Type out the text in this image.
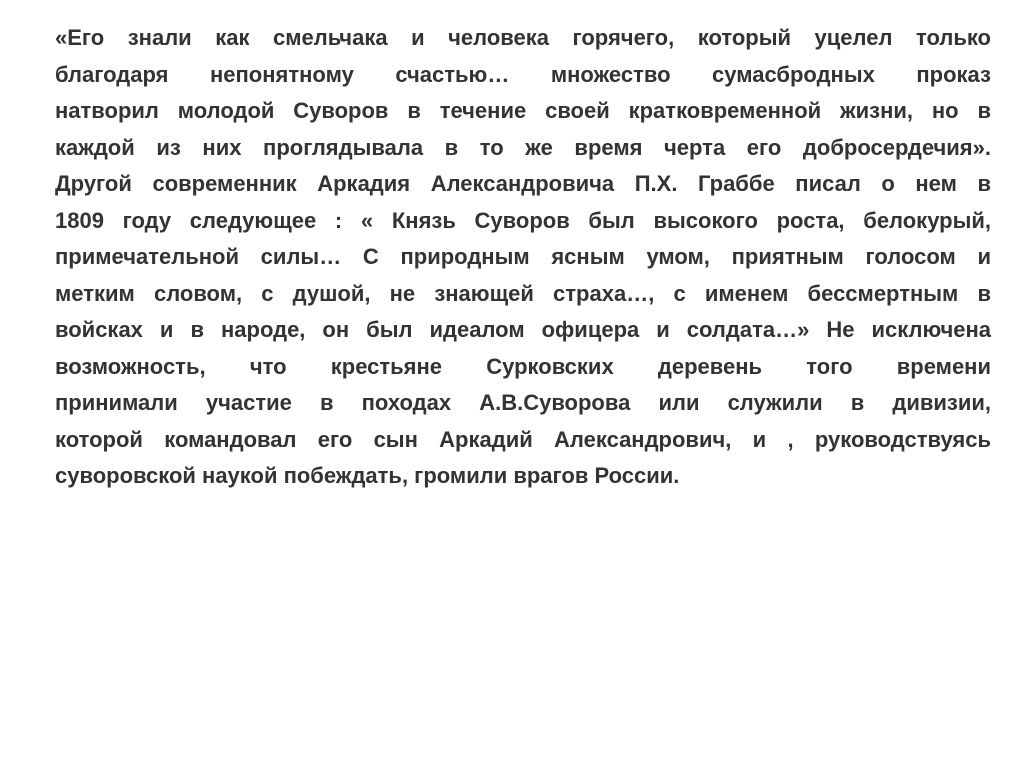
«Его знали как смельчака и человека горячего, который уцелел только
благодаря непонятному счастью… множество сумасбродных проказ
натворил молодой Суворов в течение своей кратковременной жизни, но в
каждой из них проглядывала в то же время черта его добросердечия».
Другой современник Аркадия Александровича П.Х. Граббе писал о нем в
1809 году следующее : « Князь Суворов был высокого роста, белокурый,
примечательной силы… С природным ясным умом, приятным голосом и
метким словом, с душой, не знающей страха…, с именем бессмертным в
войсках и в народе, он был идеалом офицера и солдата…» Не исключена
возможность, что крестьяне Сурковских деревень того времени
принимали участие в походах А.В.Суворова или служили в дивизии,
которой командовал его сын Аркадий Александрович, и , руководствуясь
суворовской наукой побеждать, громили врагов России.
